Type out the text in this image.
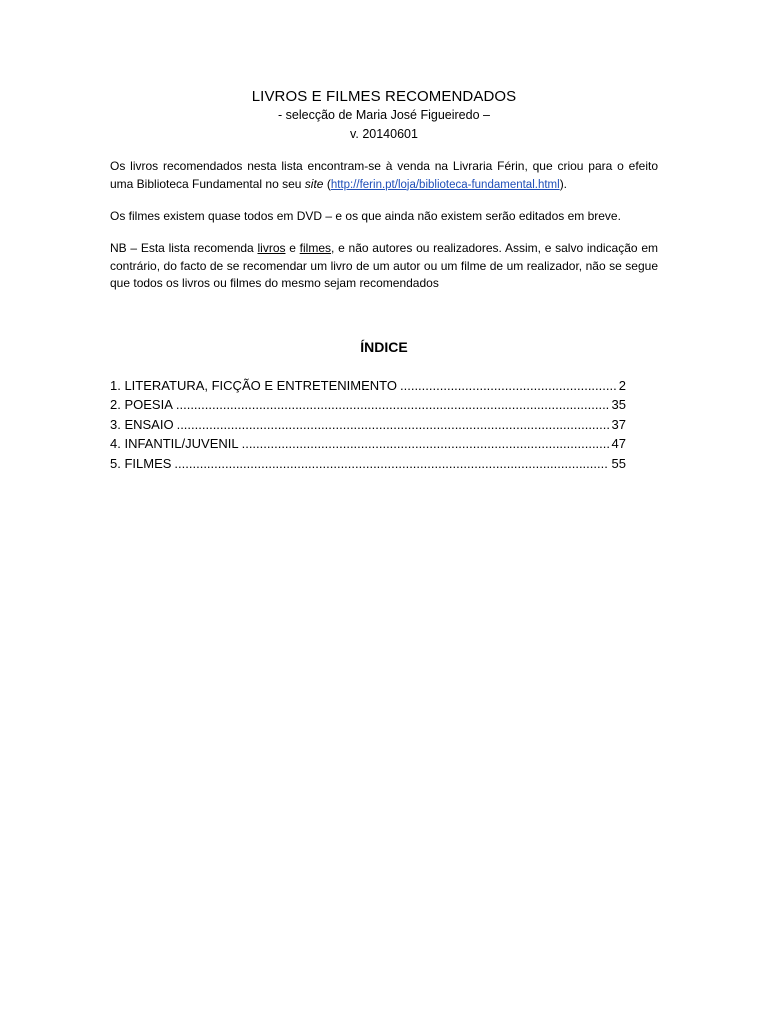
LIVROS E FILMES RECOMENDADOS
- selecção de Maria José Figueiredo –
v. 20140601

Os livros recomendados nesta lista encontram-se à venda na Livraria Férin, que criou para o efeito uma Biblioteca Fundamental no seu site (http://ferin.pt/loja/biblioteca-fundamental.html).

Os filmes existem quase todos em DVD – e os que ainda não existem serão editados em breve.

NB – Esta lista recomenda livros e filmes, e não autores ou realizadores. Assim, e salvo indicação em contrário, do facto de se recomendar um livro de um autor ou um filme de um realizador, não se segue que todos os livros ou filmes do mesmo sejam recomendados

ÍNDICE
1. LITERATURA, FICÇÃO E ENTRETENIMENTO .....	2
2. POESIA .....	35
3. ENSAIO .....	37
4. INFANTIL/JUVENIL .....	47
5. FILMES .....	55
